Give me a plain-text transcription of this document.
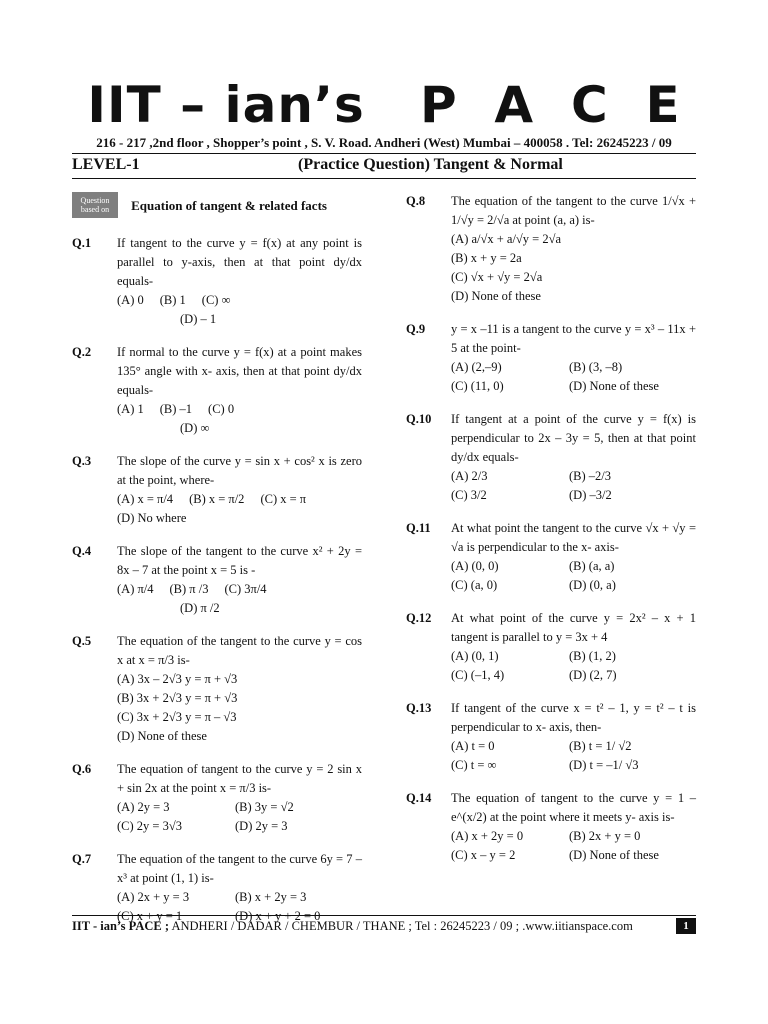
IIT – ian’s   P  A  C  E
216 - 217 ,2nd floor , Shopper’s point , S. V. Road. Andheri (West) Mumbai – 400058 . Tel: 26245223 / 09
LEVEL-1	(Practice Question) Tangent & Normal
Question based on Equation of tangent & related facts
Q.1	If tangent to the curve y = f(x) at any point is parallel to y-axis, then at that point dy/dx equals-
(A) 0 (B) 1 (C) ∞
(D) – 1
Q.2	If normal to the curve y = f(x) at a point makes 135° angle with x- axis, then at that point dy/dx equals-
(A) 1 (B) –1 (C) 0
(D) ∞
Q.3	The slope of the curve y = sin x + cos² x is zero at the point, where-
(A) x = π/4 (B) x = π/2 (C) x = π
(D) No where
Q.4	The slope of the tangent to the curve x² + 2y = 8x – 7 at the point x = 5 is -
(A) π/4 (B) π /3 (C) 3π/4
(D) π /2
Q.5	The equation of the tangent to the curve y = cos x at x = π/3 is-
(A) 3x – 2√3 y = π + √3
(B) 3x + 2√3 y = π + √3
(C) 3x + 2√3 y = π – √3
(D) None of these
Q.6	The equation of tangent to the curve y = 2 sin x + sin 2x at the point x = π/3 is-
(A) 2y = 3	(B) 3y = √2
(C) 2y = 3√3	(D) 2y = 3
Q.7	The equation of the tangent to the curve 6y = 7 – x³ at point (1, 1) is-
(A) 2x + y = 3	(B) x + 2y = 3
(C) x + y = 1	(D) x + y + 2 = 0
Q.8	The equation of the tangent to the curve 1/√x + 1/√y = 2/√a at point (a, a) is-
(A) a/√x + a/√y = 2√a
(B) x + y = 2a
(C) √x + √y = 2√a
(D) None of these
Q.9	y = x –11 is a tangent to the curve y = x³ – 11x + 5 at the point-
(A) (2,–9)	(B) (3, –8)
(C) (11, 0)	(D) None of these
Q.10	If tangent at a point of the curve y = f(x) is perpendicular to 2x – 3y = 5, then at that point dy/dx equals-
(A) 2/3	(B) –2/3
(C) 3/2	(D) –3/2
Q.11	At what point the tangent to the curve √x + √y = √a is perpendicular to the x- axis-
(A) (0, 0)	(B) (a, a)
(C) (a, 0)	(D) (0, a)
Q.12	At what point of the curve y = 2x² – x + 1 tangent is parallel to y = 3x + 4
(A) (0, 1)	(B) (1, 2)
(C) (–1, 4)	(D) (2, 7)
Q.13	If tangent of the curve x = t² – 1, y = t² – t is perpendicular to x- axis, then-
(A) t = 0	(B) t = 1/ √2
(C) t = ∞	(D) t = –1/ √3
Q.14	The equation of tangent to the curve y = 1 – e^(x/2) at the point where it meets y- axis is-
(A) x + 2y = 0	(B) 2x + y = 0
(C) x – y = 2	(D) None of these
IIT - ian’s PACE ; ANDHERI / DADAR / CHEMBUR / THANE ; Tel : 26245223 / 09 ; .www.iitianspace.com	1
